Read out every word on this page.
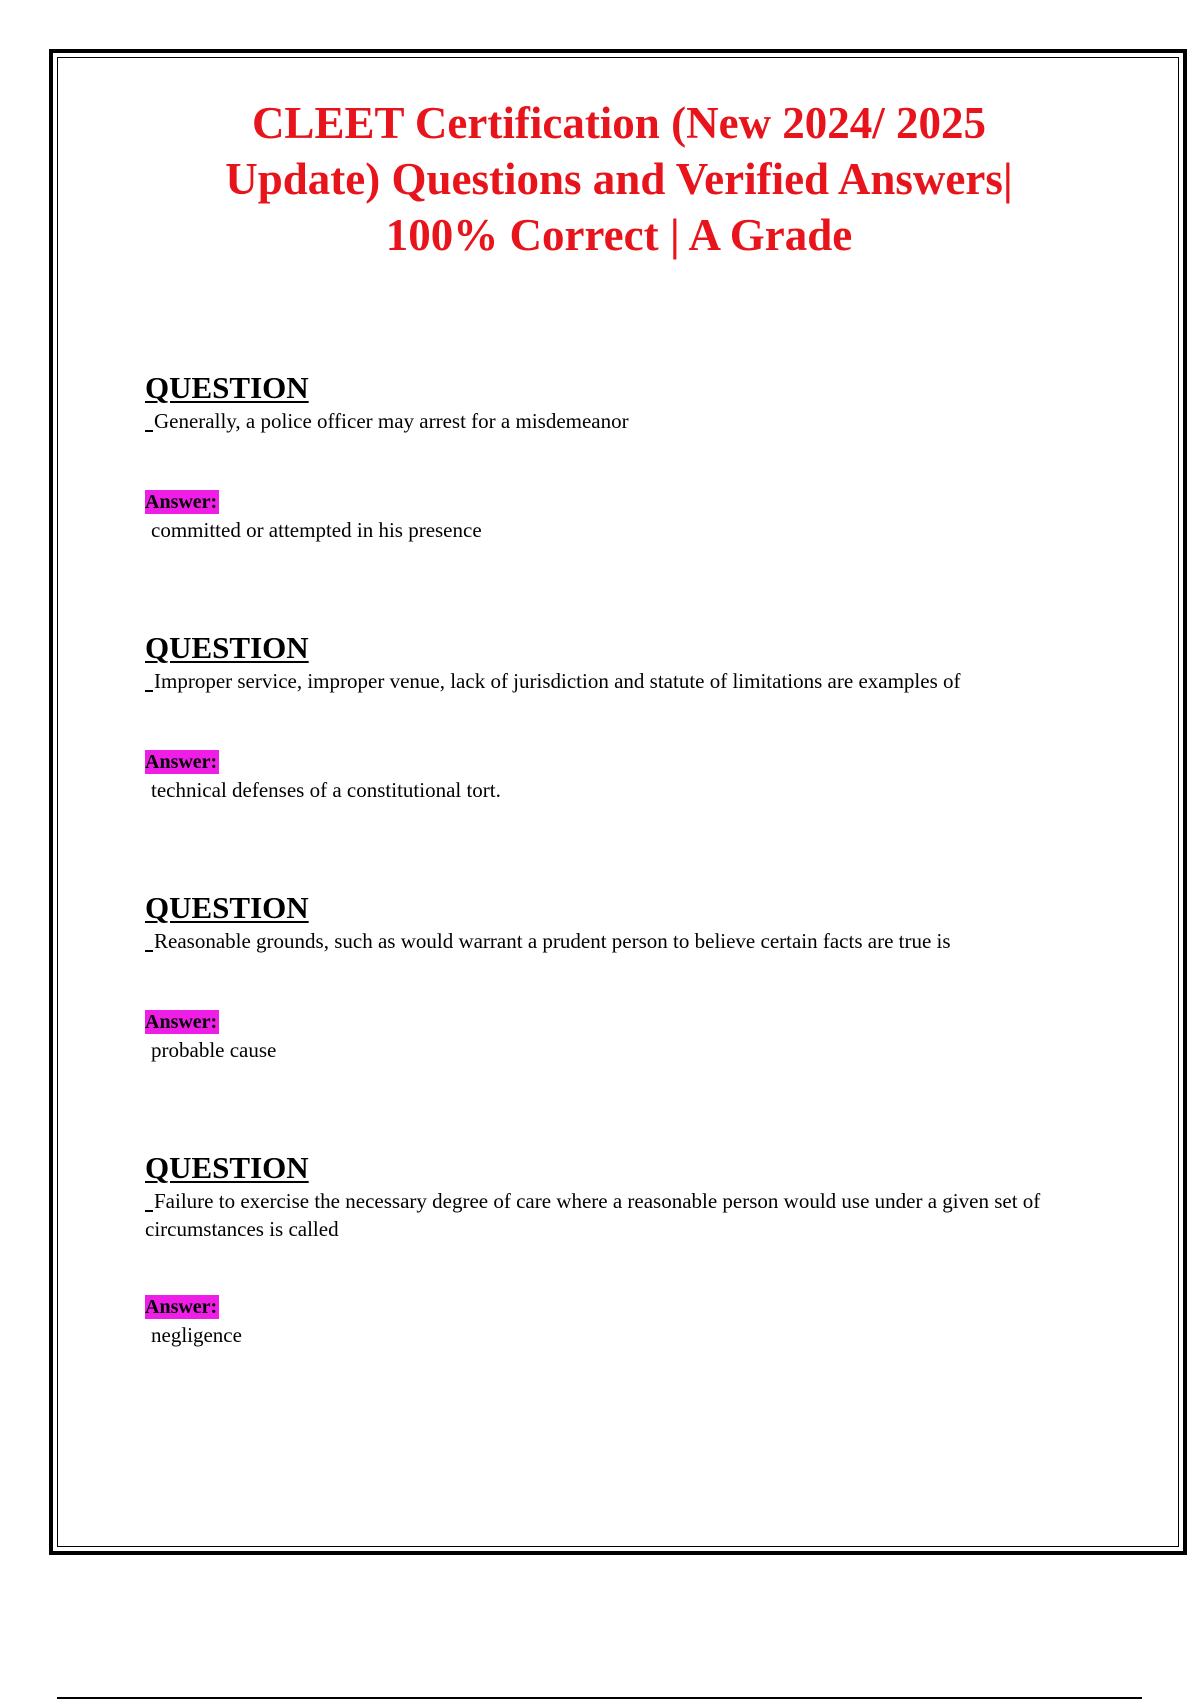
CLEET Certification (New 2024/ 2025
Update) Questions and Verified Answers|
100% Correct | A Grade
QUESTION
Generally, a police officer may arrest for a misdemeanor
Answer:
committed or attempted in his presence
QUESTION
Improper service, improper venue, lack of jurisdiction and statute of limitations are examples of
Answer:
technical defenses of a constitutional tort.
QUESTION
Reasonable grounds, such as would warrant a prudent person to believe certain facts are true is
Answer:
probable cause
QUESTION
Failure to exercise the necessary degree of care where a reasonable person would use under a given set of circumstances is called
Answer:
negligence
